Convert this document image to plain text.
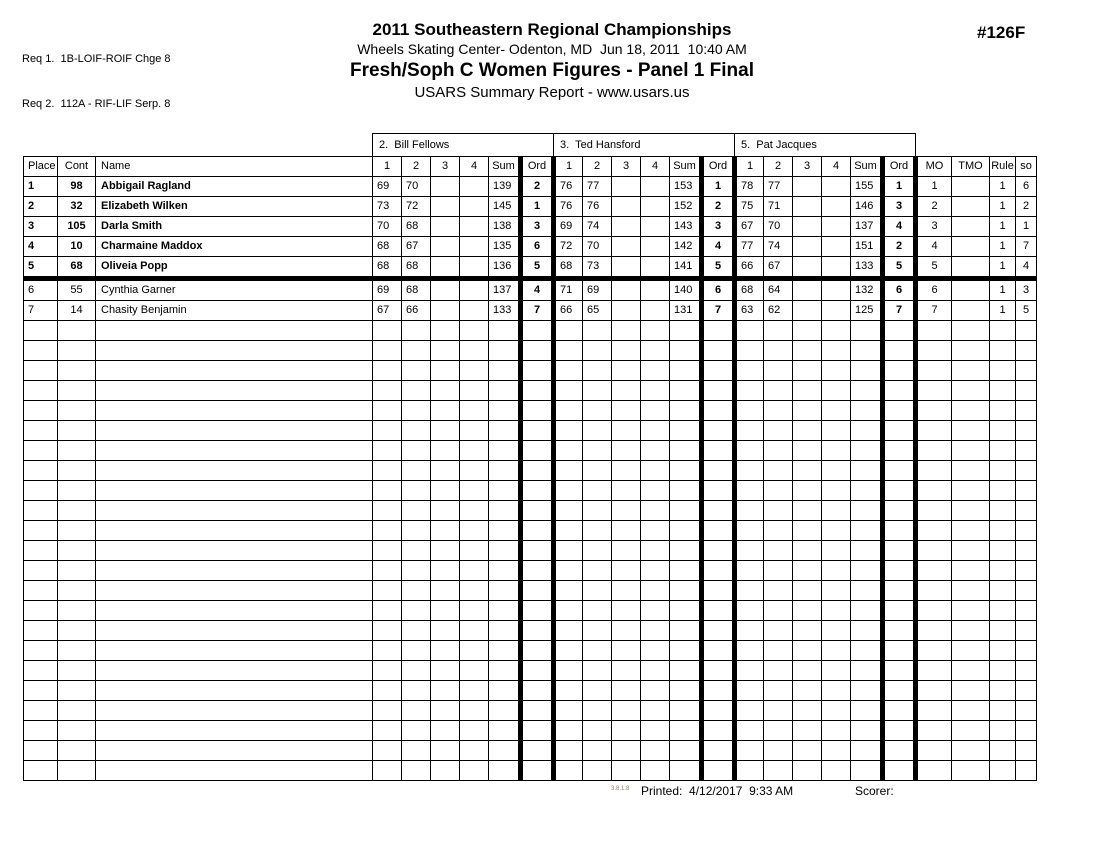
Req 1.  1B-LOIF-ROIF Chge 8

Req 2.  112A - RIF-LIF Serp. 8

2011 Southeastern Regional Championships
Wheels Skating Center- Odenton, MD  Jun 18, 2011  10:40 AM
Fresh/Soph C Women Figures - Panel 1 Final
USARS Summary Report - www.usars.us
#126F
			2.  Bill Fellows						3.  Ted Hansford						5.  Pat Jacques									
Place	Cont	Name	1	2	3	4	Sum	Ord	1	2	3	4	Sum	Ord	1	2	3	4	Sum	Ord	MO	TMO	Rule	so
1	98	Abbigail Ragland	69	70			139	2	76	77			153	1	78	77			155	1	1		1	6
2	32	Elizabeth Wilken	73	72			145	1	76	76			152	2	75	71			146	3	2		1	2
3	105	Darla Smith	70	68			138	3	69	74			143	3	67	70			137	4	3		1	1
4	10	Charmaine Maddox	68	67			135	6	72	70			142	4	77	74			151	2	4		1	7
5	68	Oliveia Popp	68	68			136	5	68	73			141	5	66	67			133	5	5		1	4
6	55	Cynthia Garner	69	68			137	4	71	69			140	6	68	64			132	6	6		1	3
7	14	Chasity Benjamin	67	66			133	7	66	65			131	7	63	62			125	7	7		1	5

3.8.1.8 Printed:  4/12/2017  9:33 AM	Scorer:
